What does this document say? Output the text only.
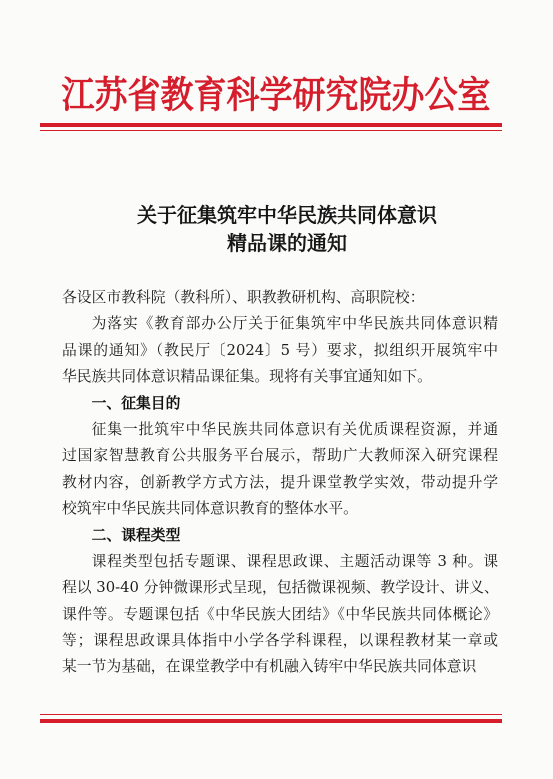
江苏省教育科学研究院办公室
关于征集筑牢中华民族共同体意识
精品课的通知
各设区市教科院（教科所）、职教教研机构、高职院校：
为落实《教育部办公厅关于征集筑牢中华民族共同体意识精
品课的通知》（教民厅〔2024〕5 号）要求，拟组织开展筑牢中
华民族共同体意识精品课征集。现将有关事宜通知如下。
一、征集目的
征集一批筑牢中华民族共同体意识有关优质课程资源，并通
过国家智慧教育公共服务平台展示，帮助广大教师深入研究课程
教材内容，创新教学方式方法，提升课堂教学实效，带动提升学
校筑牢中华民族共同体意识教育的整体水平。
二、课程类型
课程类型包括专题课、课程思政课、主题活动课等 3 种。课
程以 30-40 分钟微课形式呈现，包括微课视频、教学设计、讲义、
课件等。专题课包括《中华民族大团结》《中华民族共同体概论》
等；课程思政课具体指中小学各学科课程，以课程教材某一章或
某一节为基础，在课堂教学中有机融入铸牢中华民族共同体意识
